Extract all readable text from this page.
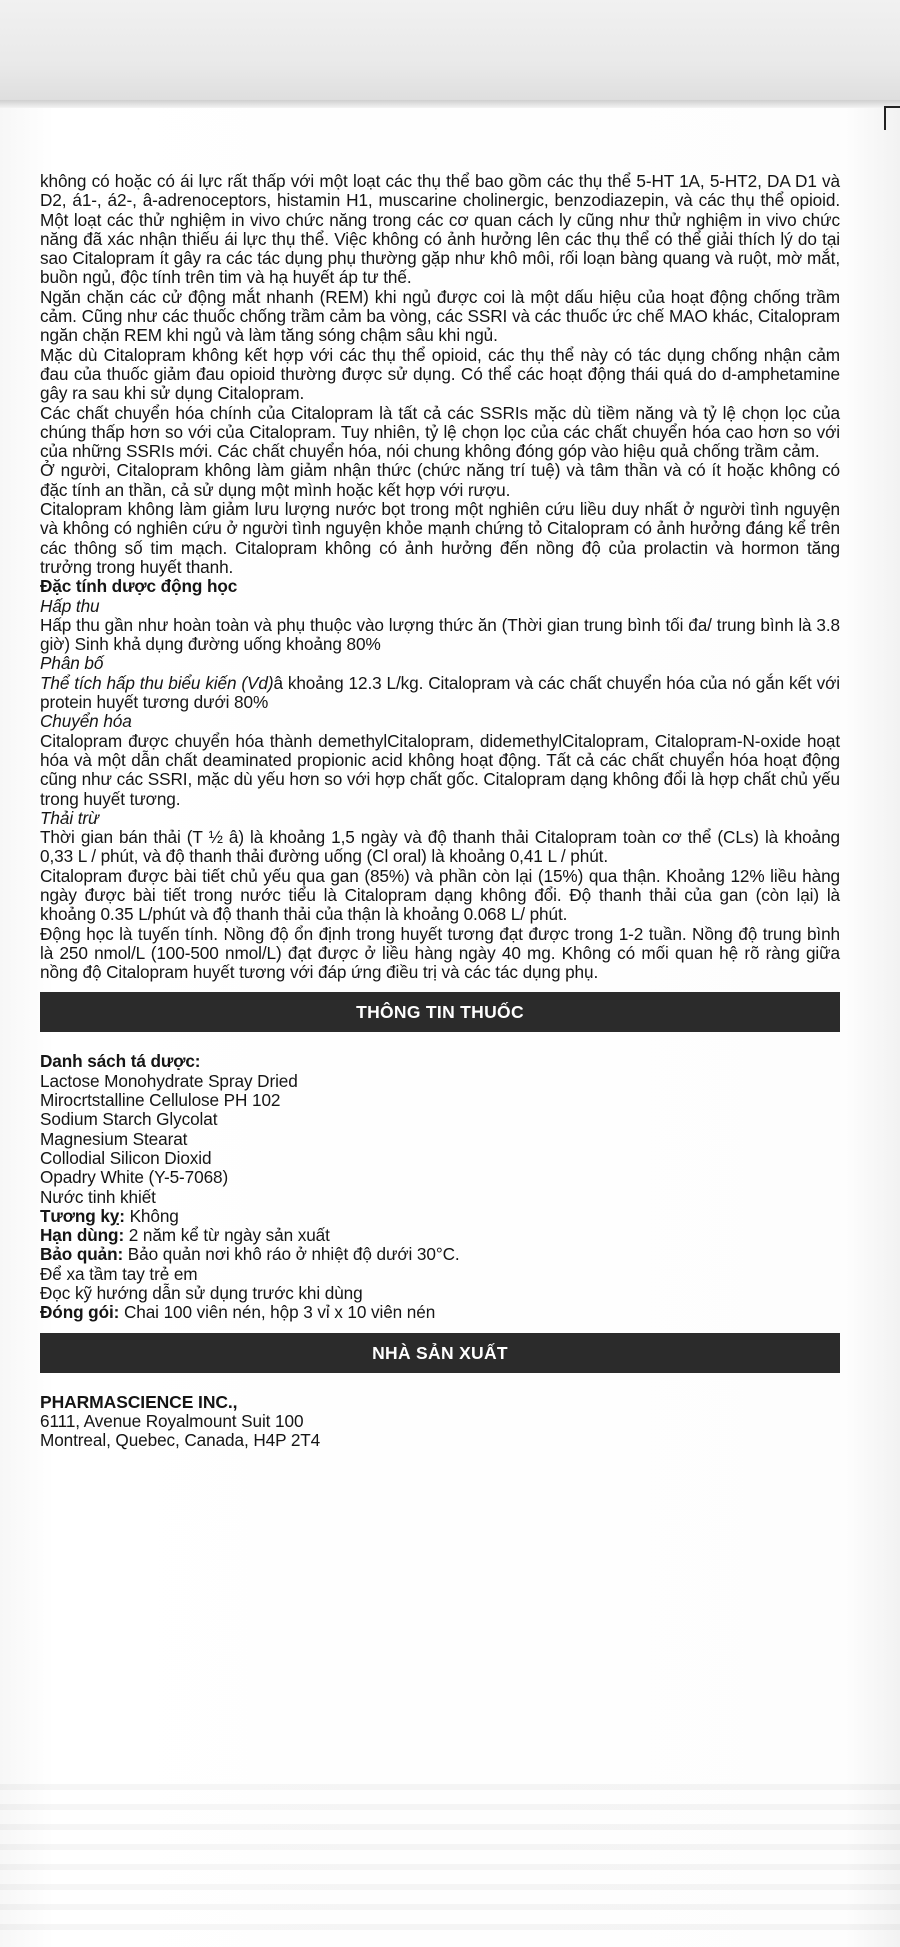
không có hoặc có ái lực rất thấp với một loạt các thụ thể bao gồm các thụ thể 5-HT 1A, 5-HT2, DA D1 và D2, á1-, á2-, â-adrenoceptors, histamin H1, muscarine cholinergic, benzodiazepin, và các thụ thể opioid. Một loạt các thử nghiệm in vivo chức năng trong các cơ quan cách ly cũng như thử nghiệm in vivo chức năng đã xác nhận thiếu ái lực thụ thể. Việc không có ảnh hưởng lên các thụ thể có thể giải thích lý do tại sao Citalopram ít gây ra các tác dụng phụ thường gặp như khô môi, rối loạn bàng quang và ruột, mờ mắt, buồn ngủ, độc tính trên tim và hạ huyết áp tư thế.

Ngăn chặn các cử động mắt nhanh (REM) khi ngủ được coi là một dấu hiệu của hoạt động chống trầm cảm. Cũng như các thuốc chống trầm cảm ba vòng, các SSRI và các thuốc ức chế MAO khác, Citalopram ngăn chặn REM khi ngủ và làm tăng sóng chậm sâu khi ngủ.

Mặc dù Citalopram không kết hợp với các thụ thể opioid, các thụ thể này có tác dụng chống nhận cảm đau của thuốc giảm đau opioid thường được sử dụng. Có thể các hoạt động thái quá do d-amphetamine gây ra sau khi sử dụng Citalopram.

Các chất chuyển hóa chính của Citalopram là tất cả các SSRIs mặc dù tiềm năng và tỷ lệ chọn lọc của chúng thấp hơn so với của Citalopram. Tuy nhiên, tỷ lệ chọn lọc của các chất chuyển hóa cao hơn so với của những SSRIs mới. Các chất chuyển hóa, nói chung không đóng góp vào hiệu quả chống trầm cảm.

Ở người, Citalopram không làm giảm nhận thức (chức năng trí tuệ) và tâm thần và có ít hoặc không có đặc tính an thần, cả sử dụng một mình hoặc kết hợp với rượu.

Citalopram không làm giảm lưu lượng nước bọt trong một nghiên cứu liều duy nhất ở người tình nguyện và không có nghiên cứu ở người tình nguyện khỏe mạnh chứng tỏ Citalopram có ảnh hưởng đáng kể trên các thông số tim mạch. Citalopram không có ảnh hưởng đến nồng độ của prolactin và hormon tăng trưởng trong huyết thanh.

Đặc tính dược động học

Hấp thu

Hấp thu gần như hoàn toàn và phụ thuộc vào lượng thức ăn (Thời gian trung bình tối đa/ trung bình là 3.8 giờ) Sinh khả dụng đường uống khoảng 80%

Phân bố

Thể tích hấp thu biểu kiến (Vd)â khoảng 12.3 L/kg. Citalopram và các chất chuyển hóa của nó gắn kết với protein huyết tương dưới 80%

Chuyển hóa

Citalopram được chuyển hóa thành demethylCitalopram, didemethylCitalopram, Citalopram-N-oxide hoạt hóa và một dẫn chất deaminated propionic acid không hoạt động. Tất cả các chất chuyển hóa hoạt động cũng như các SSRI, mặc dù yếu hơn so với hợp chất gốc. Citalopram dạng không đổi là hợp chất chủ yếu trong huyết tương.

Thải trừ

Thời gian bán thải (T ½ â) là khoảng 1,5 ngày và độ thanh thải Citalopram toàn cơ thể (CLs) là khoảng 0,33 L / phút, và độ thanh thải đường uống (Cl oral) là khoảng 0,41 L / phút.

Citalopram được bài tiết chủ yếu qua gan (85%) và phần còn lại (15%) qua thận. Khoảng 12% liều hàng ngày được bài tiết trong nước tiểu là Citalopram dạng không đổi. Độ thanh thải của gan (còn lại) là khoảng 0.35 L/phút và độ thanh thải của thận là khoảng 0.068 L/ phút.

Động học là tuyến tính. Nồng độ ổn định trong huyết tương đạt được trong 1-2 tuần. Nồng độ trung bình là 250 nmol/L (100-500 nmol/L) đạt được ở liều hàng ngày 40 mg. Không có mối quan hệ rõ ràng giữa nồng độ Citalopram huyết tương với đáp ứng điều trị và các tác dụng phụ.

THÔNG TIN THUỐC

Danh sách tá dược:

Lactose Monohydrate Spray Dried

Mirocrtstalline Cellulose PH 102

Sodium Starch Glycolat

Magnesium Stearat

Collodial Silicon Dioxid

Opadry White (Y-5-7068)

Nước tinh khiết

Tương kỵ: Không

Hạn dùng: 2 năm kể từ ngày sản xuất

Bảo quản: Bảo quản nơi khô ráo ở nhiệt độ dưới 30°C.

Để xa tầm tay trẻ em

Đọc kỹ hướng dẫn sử dụng trước khi dùng

Đóng gói: Chai 100 viên nén, hộp 3 vỉ x 10 viên nén

NHÀ SẢN XUẤT

PHARMASCIENCE INC.,

6111, Avenue Royalmount Suit 100

Montreal, Quebec, Canada, H4P 2T4
